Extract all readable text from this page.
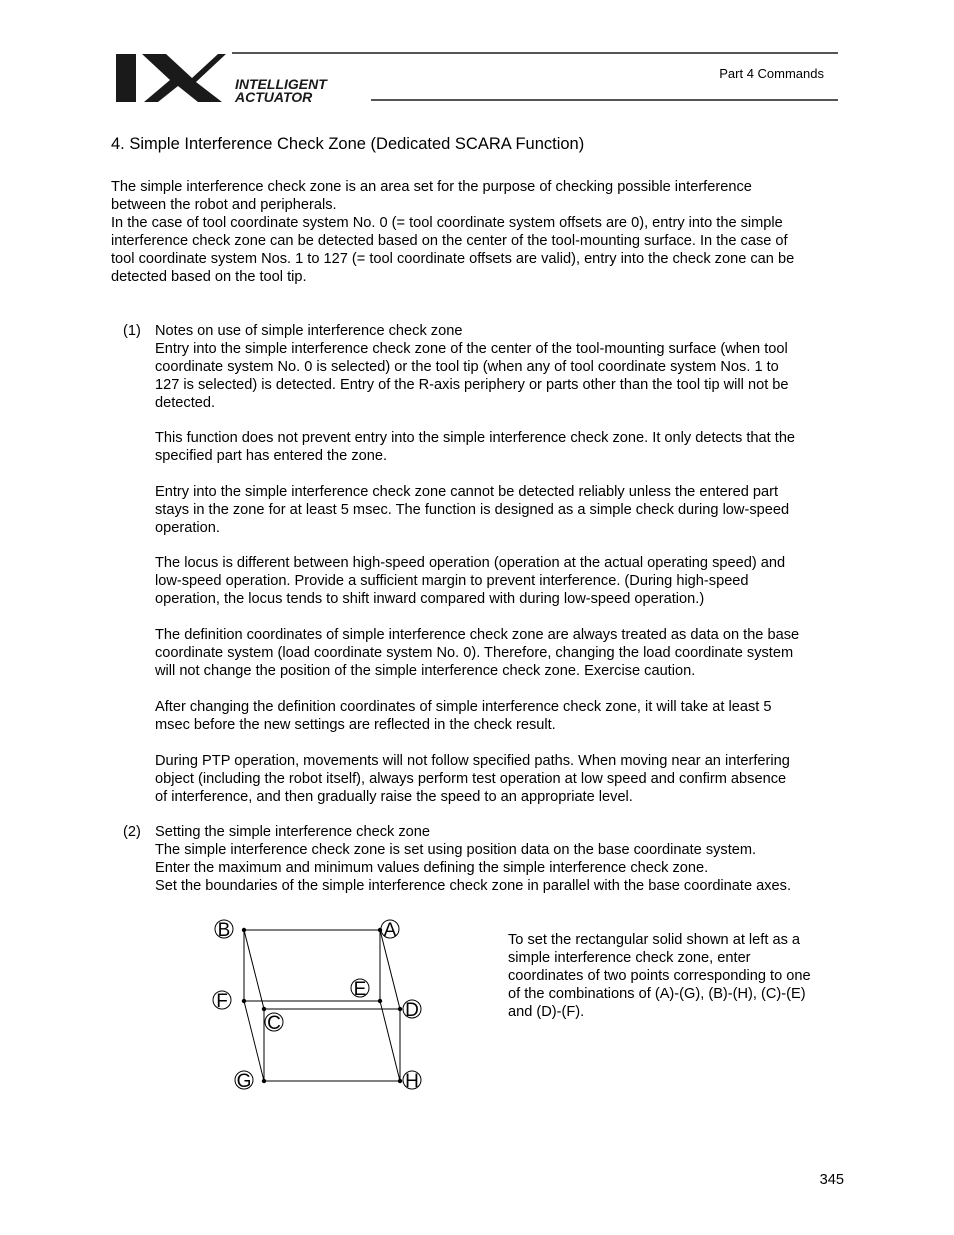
INTELLIGENT
ACTUATOR
Part 4 Commands
4. Simple Interference Check Zone (Dedicated SCARA Function)

The simple interference check zone is an area set for the purpose of checking possible interference
between the robot and peripherals.
In the case of tool coordinate system No. 0 (= tool coordinate system offsets are 0), entry into the simple
interference check zone can be detected based on the center of the tool-mounting surface. In the case of
tool coordinate system Nos. 1 to 127 (= tool coordinate offsets are valid), entry into the check zone can be
detected based on the tool tip.

(1) Notes on use of simple interference check zone

Entry into the simple interference check zone of the center of the tool-mounting surface (when tool
coordinate system No. 0 is selected) or the tool tip (when any of tool coordinate system Nos. 1 to
127 is selected) is detected. Entry of the R-axis periphery or parts other than the tool tip will not be
detected.

This function does not prevent entry into the simple interference check zone. It only detects that the
specified part has entered the zone.

Entry into the simple interference check zone cannot be detected reliably unless the entered part
stays in the zone for at least 5 msec. The function is designed as a simple check during low-speed
operation.

The locus is different between high-speed operation (operation at the actual operating speed) and
low-speed operation. Provide a sufficient margin to prevent interference. (During high-speed
operation, the locus tends to shift inward compared with during low-speed operation.)

The definition coordinates of simple interference check zone are always treated as data on the base
coordinate system (load coordinate system No. 0). Therefore, changing the load coordinate system
will not change the position of the simple interference check zone. Exercise caution.

After changing the definition coordinates of simple interference check zone, it will take at least 5
msec before the new settings are reflected in the check result.

During PTP operation, movements will not follow specified paths. When moving near an interfering
object (including the robot itself), always perform test operation at low speed and confirm absence
of interference, and then gradually raise the speed to an appropriate level.

(2) Setting the simple interference check zone

The simple interference check zone is set using position data on the base coordinate system.
Enter the maximum and minimum values defining the simple interference check zone.
Set the boundaries of the simple interference check zone in parallel with the base coordinate axes.

B	A
F
E
D
C
G	H

To set the rectangular solid shown at left as a
simple interference check zone, enter
coordinates of two points corresponding to one
of the combinations of (A)-(G), (B)-(H), (C)-(E)
and (D)-(F).

345
